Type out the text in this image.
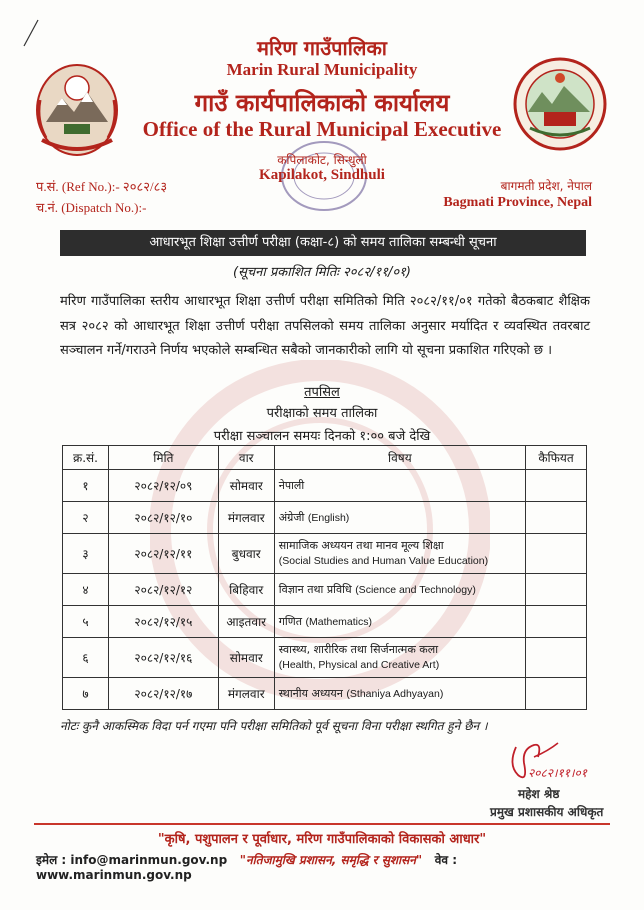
मरिण गाउँपालिका
Marin Rural Municipality
गाउँ कार्यपालिकाको कार्यालय
Office of the Rural Municipal Executive
कपिलाकोट, सिन्धुली
Kapilakot, Sindhuli
प.सं. (Ref No.):- २०८२/८३
च.नं. (Dispatch No.):-
बागमती प्रदेश, नेपाल
Bagmati Province, Nepal
आधारभूत शिक्षा उत्तीर्ण परीक्षा (कक्षा-८) को समय तालिका सम्बन्धी सूचना
(सूचना प्रकाशित मितिः २०८२/११/०१)
मरिण गाउँपालिका स्तरीय आधारभूत शिक्षा उत्तीर्ण परीक्षा समितिको मिति २०८२/११/०१ गतेको बैठकबाट शैक्षिक सत्र २०८२ को आधारभूत शिक्षा उत्तीर्ण परीक्षा तपसिलको समय तालिका अनुसार मर्यादित र व्यवस्थित तवरबाट सञ्चालन गर्ने/गराउने निर्णय भएकोले सम्बन्धित सबैको जानकारीको लागि यो सूचना प्रकाशित गरिएको छ ।
तपसिल
परीक्षाको समय तालिका
परीक्षा सञ्चालन समयः दिनको १:०० बजे देखि
क्र.सं.	मिति	वार	विषय	कैफियत
१	२०८२/१२/०९	सोमवार	नेपाली	
२	२०८२/१२/१०	मंगलवार	अंग्रेजी (English)	
३	२०८२/१२/११	बुधवार	सामाजिक अध्ययन तथा मानव मूल्य शिक्षा
(Social Studies and Human Value Education)	
४	२०८२/१२/१२	बिहिवार	विज्ञान तथा प्रविधि (Science and Technology)	
५	२०८२/१२/१५	आइतवार	गणित (Mathematics)	
६	२०८२/१२/१६	सोमवार	स्वास्थ्य, शारीरिक तथा सिर्जनात्मक कला
(Health, Physical and Creative Art)	
७	२०८२/१२/१७	मंगलवार	स्थानीय अध्ययन (Sthaniya Adhyayan)	
नोटः कुनै आकस्मिक विदा पर्न गएमा पनि परीक्षा समितिको पूर्व सूचना विना परीक्षा स्थगित हुने छैन ।
२०८२।११।०१
महेश श्रेष्ठ
प्रमुख प्रशासकीय अधिकृत
"कृषि, पशुपालन र पूर्वाधार, मरिण गाउँपालिकाको विकासको आधार"
इमेल : info@marinmun.gov.np "नतिजामुखि प्रशासन, समृद्धि र सुशासन" वेव : www.marinmun.gov.np
